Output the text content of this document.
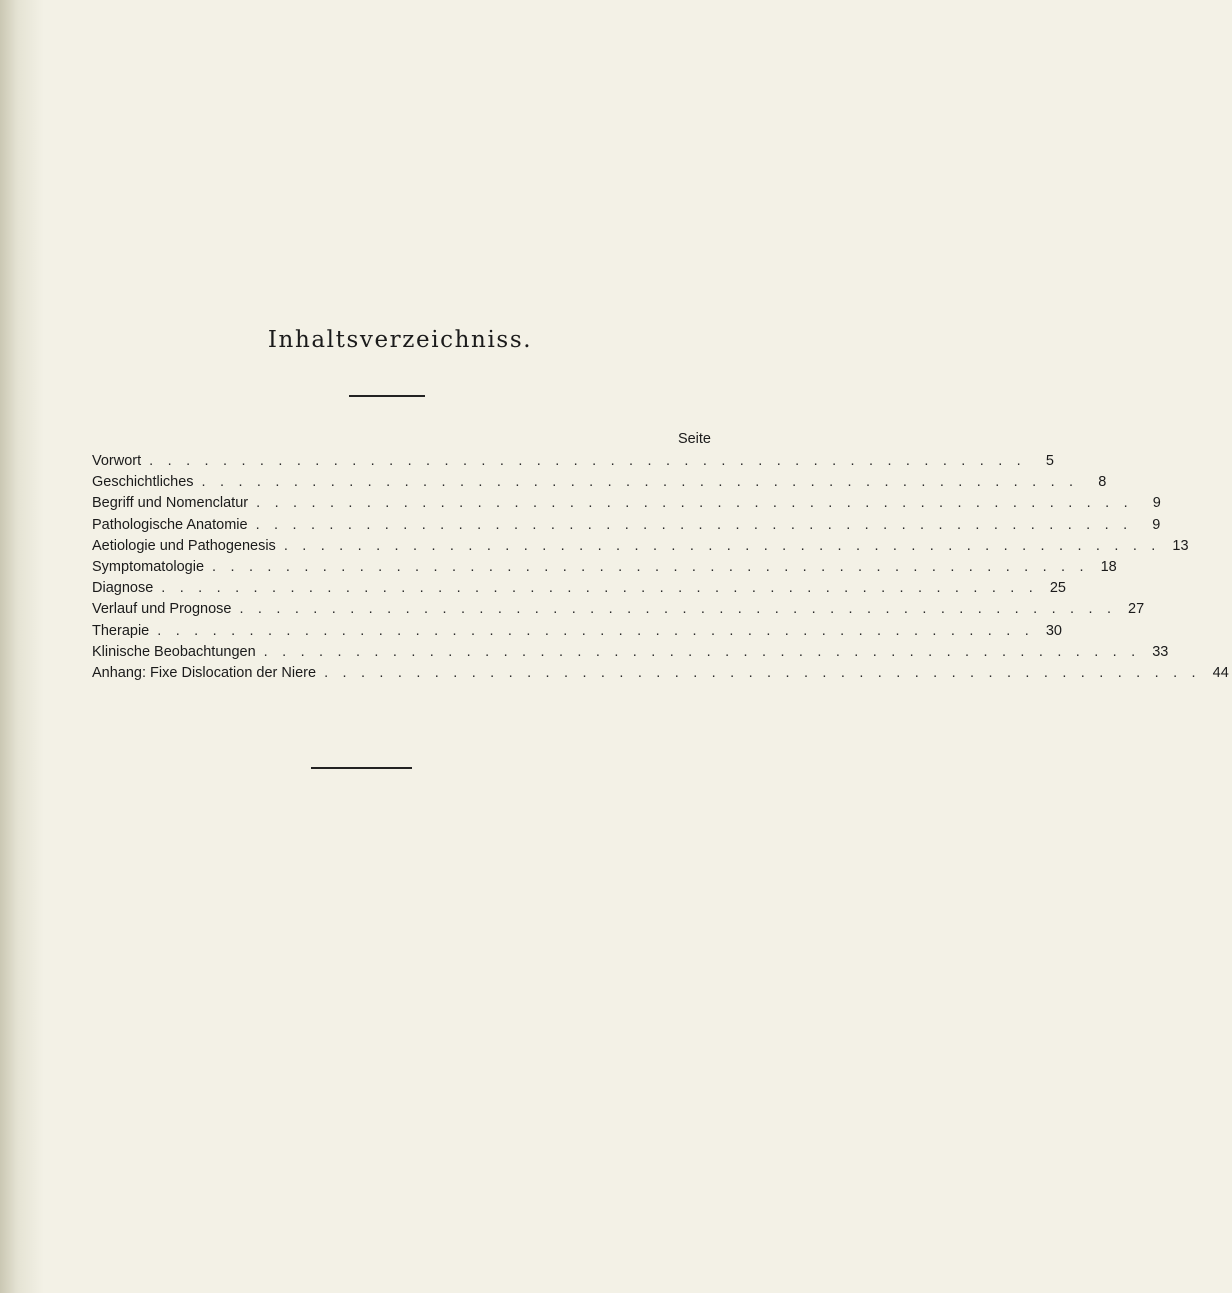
Inhaltsverzeichniss.
Seite
Vorwort . . . . . . . . . . . . . . . . . . . . . . . . . . . . . . . . . . . . . . . . . . . . . . . .	5
Geschichtliches . . . . . . . . . . . . . . . . . . . . . . . . . . . . . . . . . . . . . . . . . . . . . . . .	8
Begriff und Nomenclatur . . . . . . . . . . . . . . . . . . . . . . . . . . . . . . . . . . . . . . . . . . . . . . . .	9
Pathologische Anatomie . . . . . . . . . . . . . . . . . . . . . . . . . . . . . . . . . . . . . . . . . . . . . . . .	9
Aetiologie und Pathogenesis . . . . . . . . . . . . . . . . . . . . . . . . . . . . . . . . . . . . . . . . . . . . . . . . 13
Symptomatologie . . . . . . . . . . . . . . . . . . . . . . . . . . . . . . . . . . . . . . . . . . . . . . . . 18
Diagnose . . . . . . . . . . . . . . . . . . . . . . . . . . . . . . . . . . . . . . . . . . . . . . . . 25
Verlauf und Prognose . . . . . . . . . . . . . . . . . . . . . . . . . . . . . . . . . . . . . . . . . . . . . . . . 27
Therapie . . . . . . . . . . . . . . . . . . . . . . . . . . . . . . . . . . . . . . . . . . . . . . . . 30
Klinische Beobachtungen . . . . . . . . . . . . . . . . . . . . . . . . . . . . . . . . . . . . . . . . . . . . . . . . 33
Anhang: Fixe Dislocation der Niere . . . . . . . . . . . . . . . . . . . . . . . . . . . . . . . . . . . . . . . . . . . . . . . . 44
